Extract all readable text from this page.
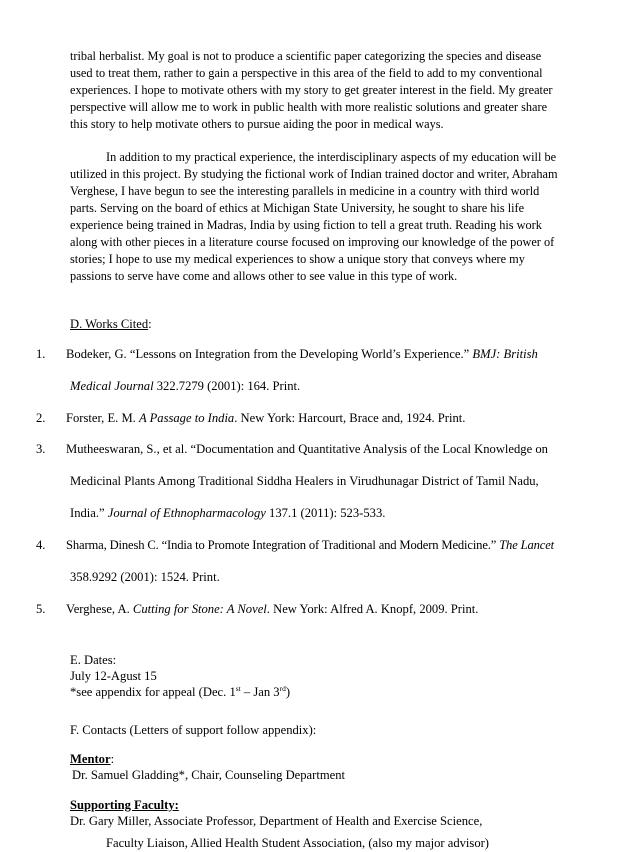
tribal herbalist. My goal is not to produce a scientific paper categorizing the species and disease
used to treat them, rather to gain a perspective in this area of the field to add to my conventional
experiences. I hope to motivate others with my story to get greater interest in the field. My greater
perspective will allow me to work in public health with more realistic solutions and greater share
this story to help motivate others to pursue aiding the poor in medical ways.
In addition to my practical experience, the interdisciplinary aspects of my education will be
utilized in this project. By studying the fictional work of Indian trained doctor and writer, Abraham
Verghese, I have begun to see the interesting parallels in medicine in a country with third world
parts. Serving on the board of ethics at Michigan State University, he sought to share his life
experience being trained in Madras, India by using fiction to tell a great truth. Reading his work
along with other pieces in a literature course focused on improving our knowledge of the power of
stories; I hope to use my medical experiences to show a unique story that conveys where my
passions to serve have come and allows other to see value in this type of work.
D. Works Cited:
1. Bodeker, G. “Lessons on Integration from the Developing World’s Experience.” BMJ: British
Medical Journal 322.7279 (2001): 164. Print.
2. Forster, E. M. A Passage to India. New York: Harcourt, Brace and, 1924. Print.
3. Mutheeswaran, S., et al. “Documentation and Quantitative Analysis of the Local Knowledge on
Medicinal Plants Among Traditional Siddha Healers in Virudhunagar District of Tamil Nadu,
India.” Journal of Ethnopharmacology 137.1 (2011): 523-533.
4. Sharma, Dinesh C. “India to Promote Integration of Traditional and Modern Medicine.” The Lancet
358.9292 (2001): 1524. Print.
5. Verghese, A. Cutting for Stone: A Novel. New York: Alfred A. Knopf, 2009. Print.
E. Dates:
July 12-Agust 15
*see appendix for appeal (Dec. 1st – Jan 3rd)
F. Contacts (Letters of support follow appendix):
Mentor:
Dr. Samuel Gladding*, Chair, Counseling Department
Supporting Faculty:
Dr. Gary Miller, Associate Professor, Department of Health and Exercise Science,
Faculty Liaison, Allied Health Student Association, (also my major advisor)
